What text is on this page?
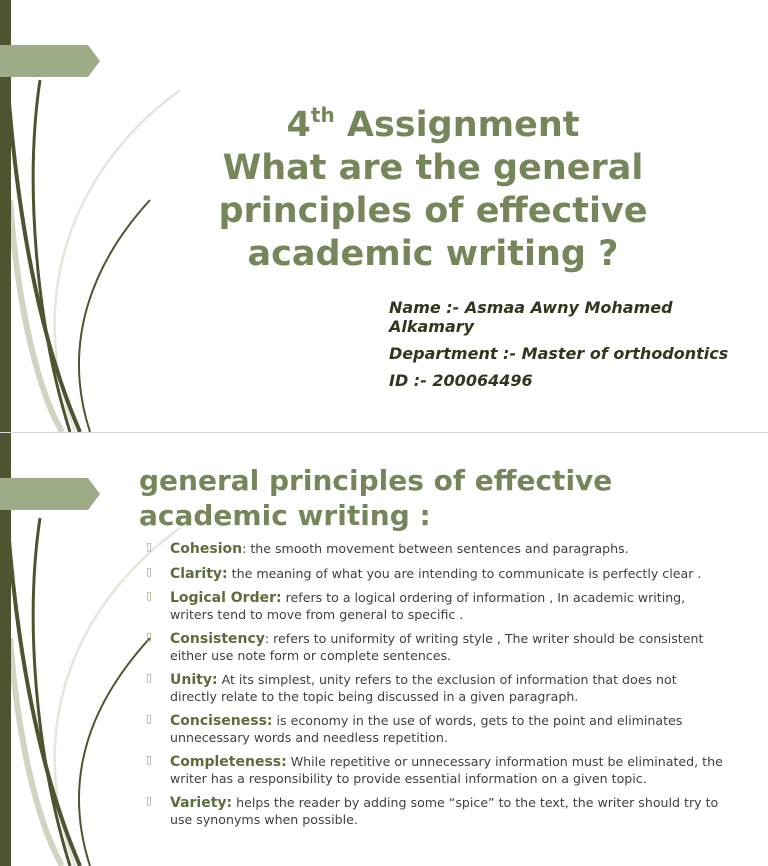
4th Assignment
What are the general
principles of effective
academic writing ?

Name :- Asmaa Awny Mohamed Alkamary

Department :- Master of orthodontics

ID :- 200064496

general principles of effective
academic writing :
▯ Cohesion: the smooth movement between sentences and paragraphs.
▯ Clarity: the meaning of what you are intending to communicate is perfectly clear .
▯ Logical Order: refers to a logical ordering of information , In academic writing, writers tend to move from general to specific .
▯ Consistency: refers to uniformity of writing style , The writer should be consistent either use note form or complete sentences.
▯ Unity: At its simplest, unity refers to the exclusion of information that does not directly relate to the topic being discussed in a given paragraph.
▯ Conciseness: is economy in the use of words, gets to the point and eliminates unnecessary words and needless repetition.
▯ Completeness: While repetitive or unnecessary information must be eliminated, the writer has a responsibility to provide essential information on a given topic.
▯ Variety: helps the reader by adding some “spice” to the text, the writer should try to use synonyms when possible.
